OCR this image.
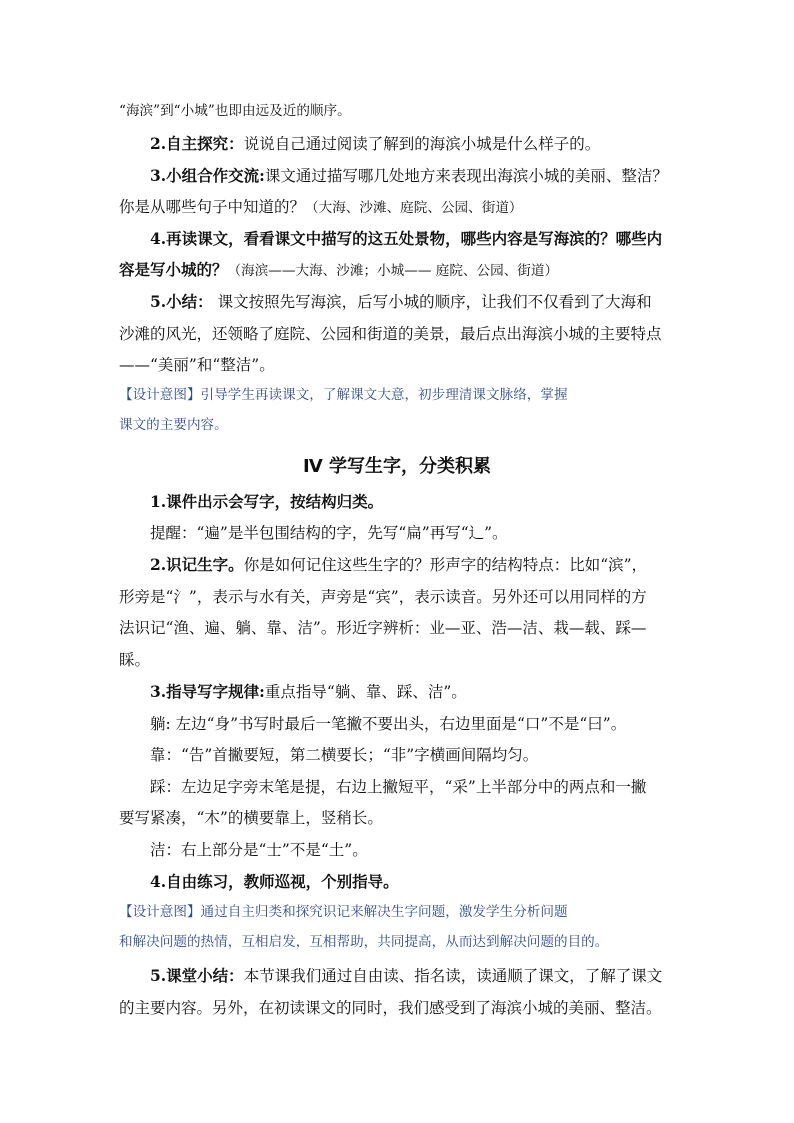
“海滨”到“小城”也即由远及近的顺序。
2.自主探究：说说自己通过阅读了解到的海滨小城是什么样子的。
3.小组合作交流:课文通过描写哪几处地方来表现出海滨小城的美丽、整洁？
你是从哪些句子中知道的？（大海、沙滩、庭院、公园、街道）
4.再读课文，看看课文中描写的这五处景物，哪些内容是写海滨的？哪些内
容是写小城的？（海滨——大海、沙滩；小城—— 庭院、公园、街道）
5.小结： 课文按照先写海滨，后写小城的顺序，让我们不仅看到了大海和
沙滩的风光，还领略了庭院、公园和街道的美景，最后点出海滨小城的主要特点
——“美丽”和“整洁”。
【设计意图】引导学生再读课文，了解课文大意，初步理清课文脉络，掌握
课文的主要内容。
Ⅳ 学写生字，分类积累
1.课件出示会写字，按结构归类。
提醒：“遍”是半包围结构的字，先写“扁”再写“辶”。
2.识记生字。你是如何记住这些生字的？形声字的结构特点：比如“滨”，
形旁是“氵”，表示与水有关，声旁是“宾”，表示读音。另外还可以用同样的方
法识记“渔、遍、躺、靠、洁”。形近字辨析：业—亚、浩—洁、栽—载、踩—
睬。
3.指导写字规律:重点指导“躺、靠、踩、洁”。
躺: 左边“身”书写时最后一笔撇不要出头，右边里面是“口”不是“曰”。
靠：“告”首撇要短，第二横要长；“非”字横画间隔均匀。
踩：左边足字旁末笔是提，右边上撇短平，“采”上半部分中的两点和一撇
要写紧凑，“木”的横要靠上，竖稍长。
洁：右上部分是“士”不是“土”。
4.自由练习，教师巡视，个别指导。
【设计意图】通过自主归类和探究识记来解决生字问题，激发学生分析问题
和解决问题的热情，互相启发，互相帮助，共同提高，从而达到解决问题的目的。
5.课堂小结：本节课我们通过自由读、指名读，读通顺了课文，了解了课文
的主要内容。另外，在初读课文的同时，我们感受到了海滨小城的美丽、整洁。
